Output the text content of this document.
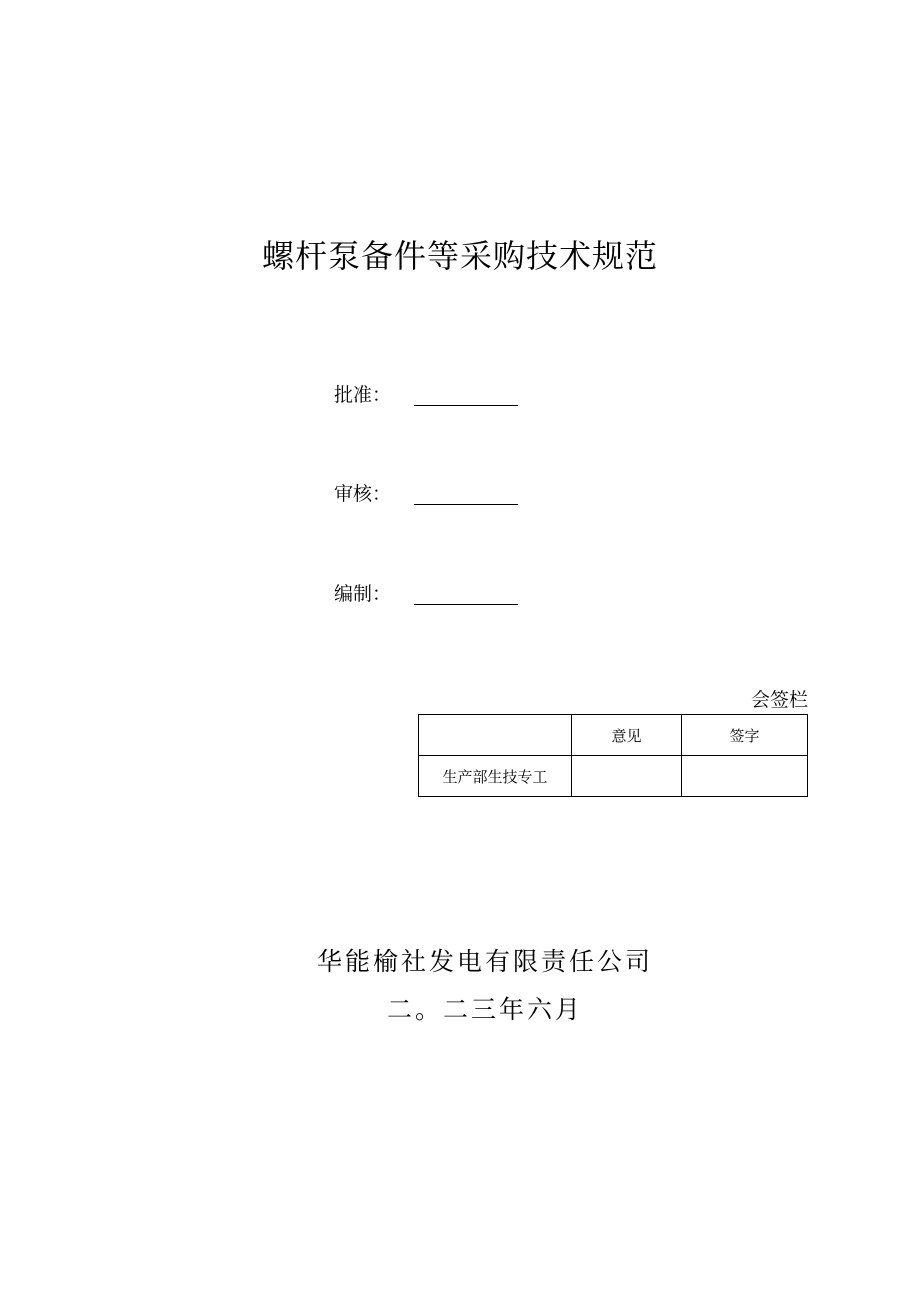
螺杆泵备件等采购技术规范
批准：
审核：
编制：
会签栏
	意见	签字
生产部生技专工		
华能榆社发电有限责任公司
二。二三年六月
